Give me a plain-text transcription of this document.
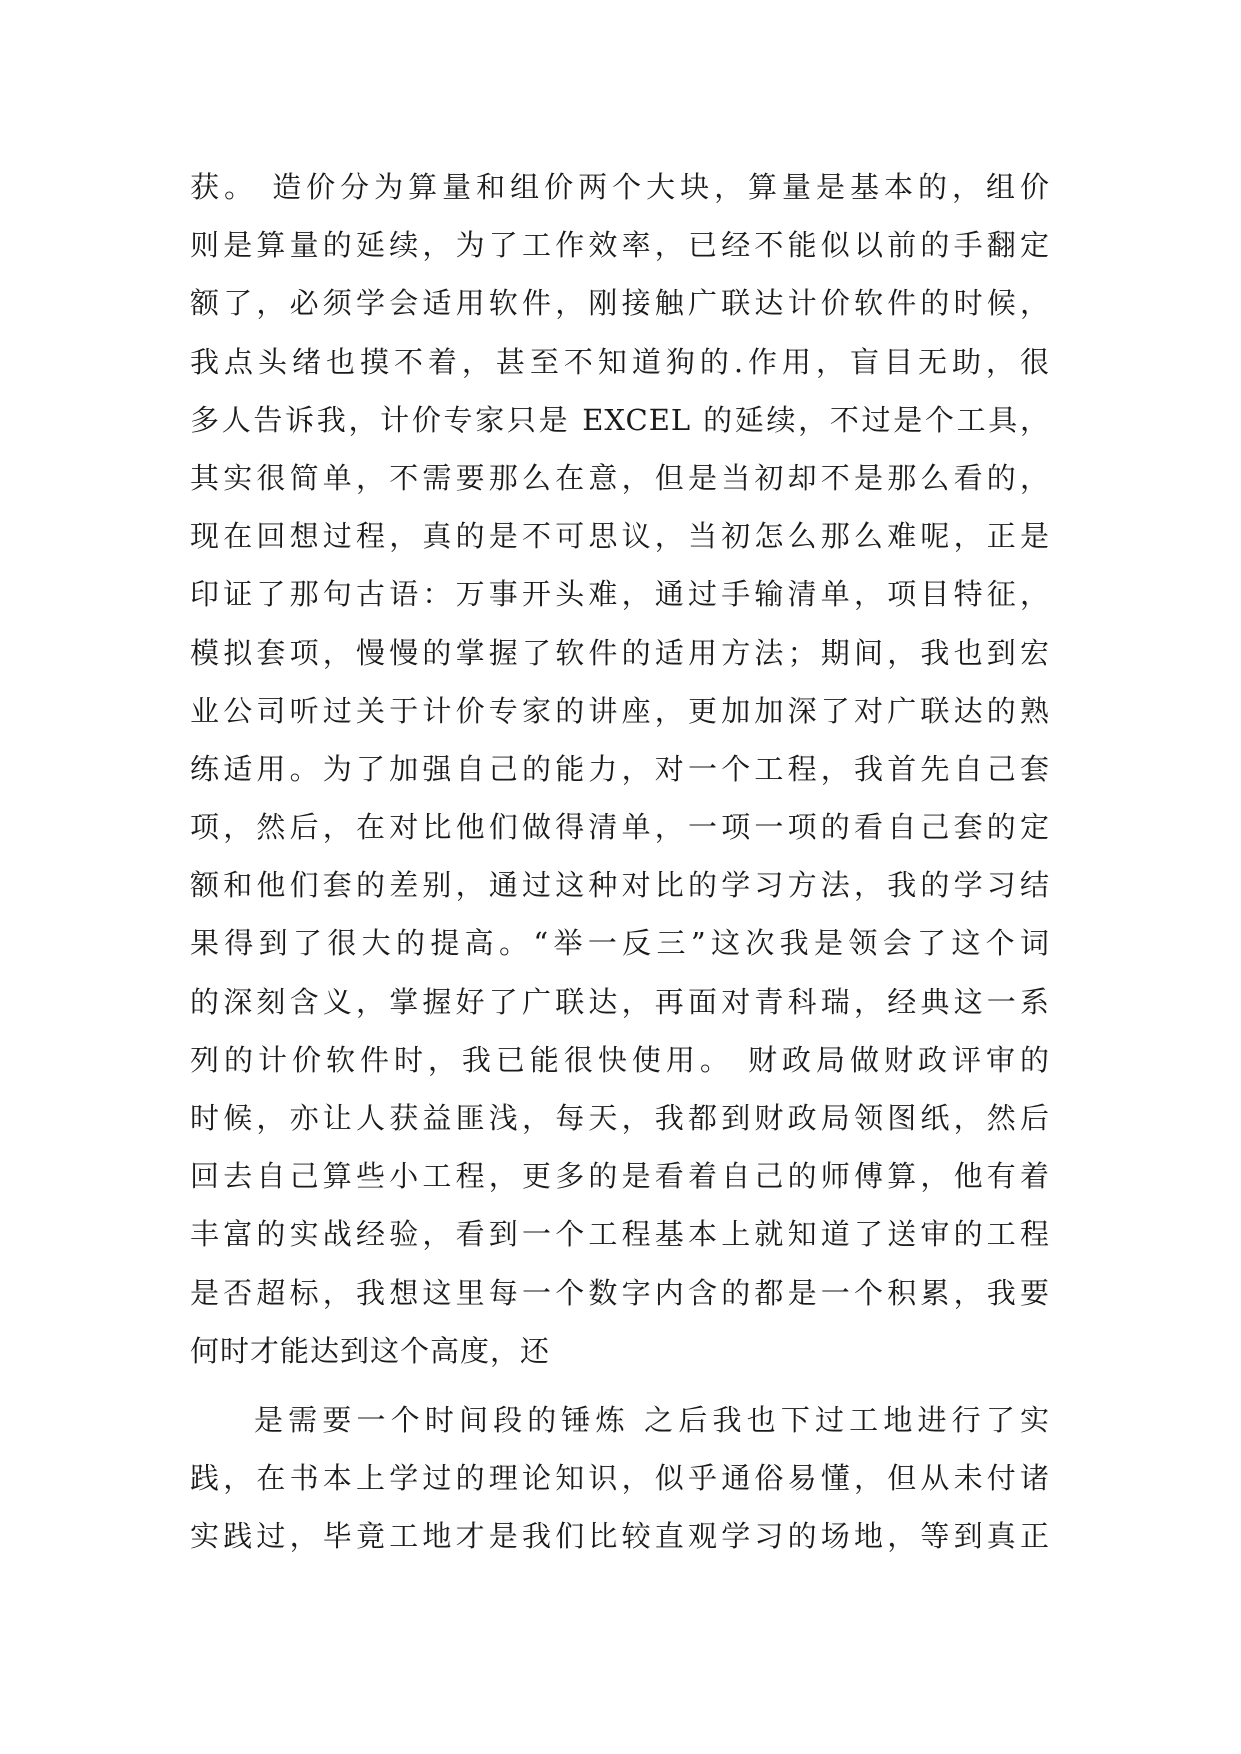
获。 造价分为算量和组价两个大块，算量是基本的，组价
则是算量的延续，为了工作效率，已经不能似以前的手翻定
额了，必须学会适用软件，刚接触广联达计价软件的时候，
我点头绪也摸不着，甚至不知道狗的.作用，盲目无助，很
多人告诉我，计价专家只是 EXCEL 的延续，不过是个工具，
其实很简单，不需要那么在意，但是当初却不是那么看的，
现在回想过程，真的是不可思议，当初怎么那么难呢，正是
印证了那句古语：万事开头难，通过手输清单，项目特征，
模拟套项，慢慢的掌握了软件的适用方法；期间，我也到宏
业公司听过关于计价专家的讲座，更加加深了对广联达的熟
练适用。为了加强自己的能力，对一个工程，我首先自己套
项，然后，在对比他们做得清单，一项一项的看自己套的定
额和他们套的差别，通过这种对比的学习方法，我的学习结
果得到了很大的提高。“举一反三”这次我是领会了这个词
的深刻含义，掌握好了广联达，再面对青科瑞，经典这一系
列的计价软件时，我已能很快使用。 财政局做财政评审的
时候，亦让人获益匪浅，每天，我都到财政局领图纸，然后
回去自己算些小工程，更多的是看着自己的师傅算，他有着
丰富的实战经验，看到一个工程基本上就知道了送审的工程
是否超标，我想这里每一个数字内含的都是一个积累，我要
何时才能达到这个高度，还
是需要一个时间段的锤炼 之后我也下过工地进行了实
践，在书本上学过的理论知识，似乎通俗易懂，但从未付诸
实践过，毕竟工地才是我们比较直观学习的场地，等到真正
